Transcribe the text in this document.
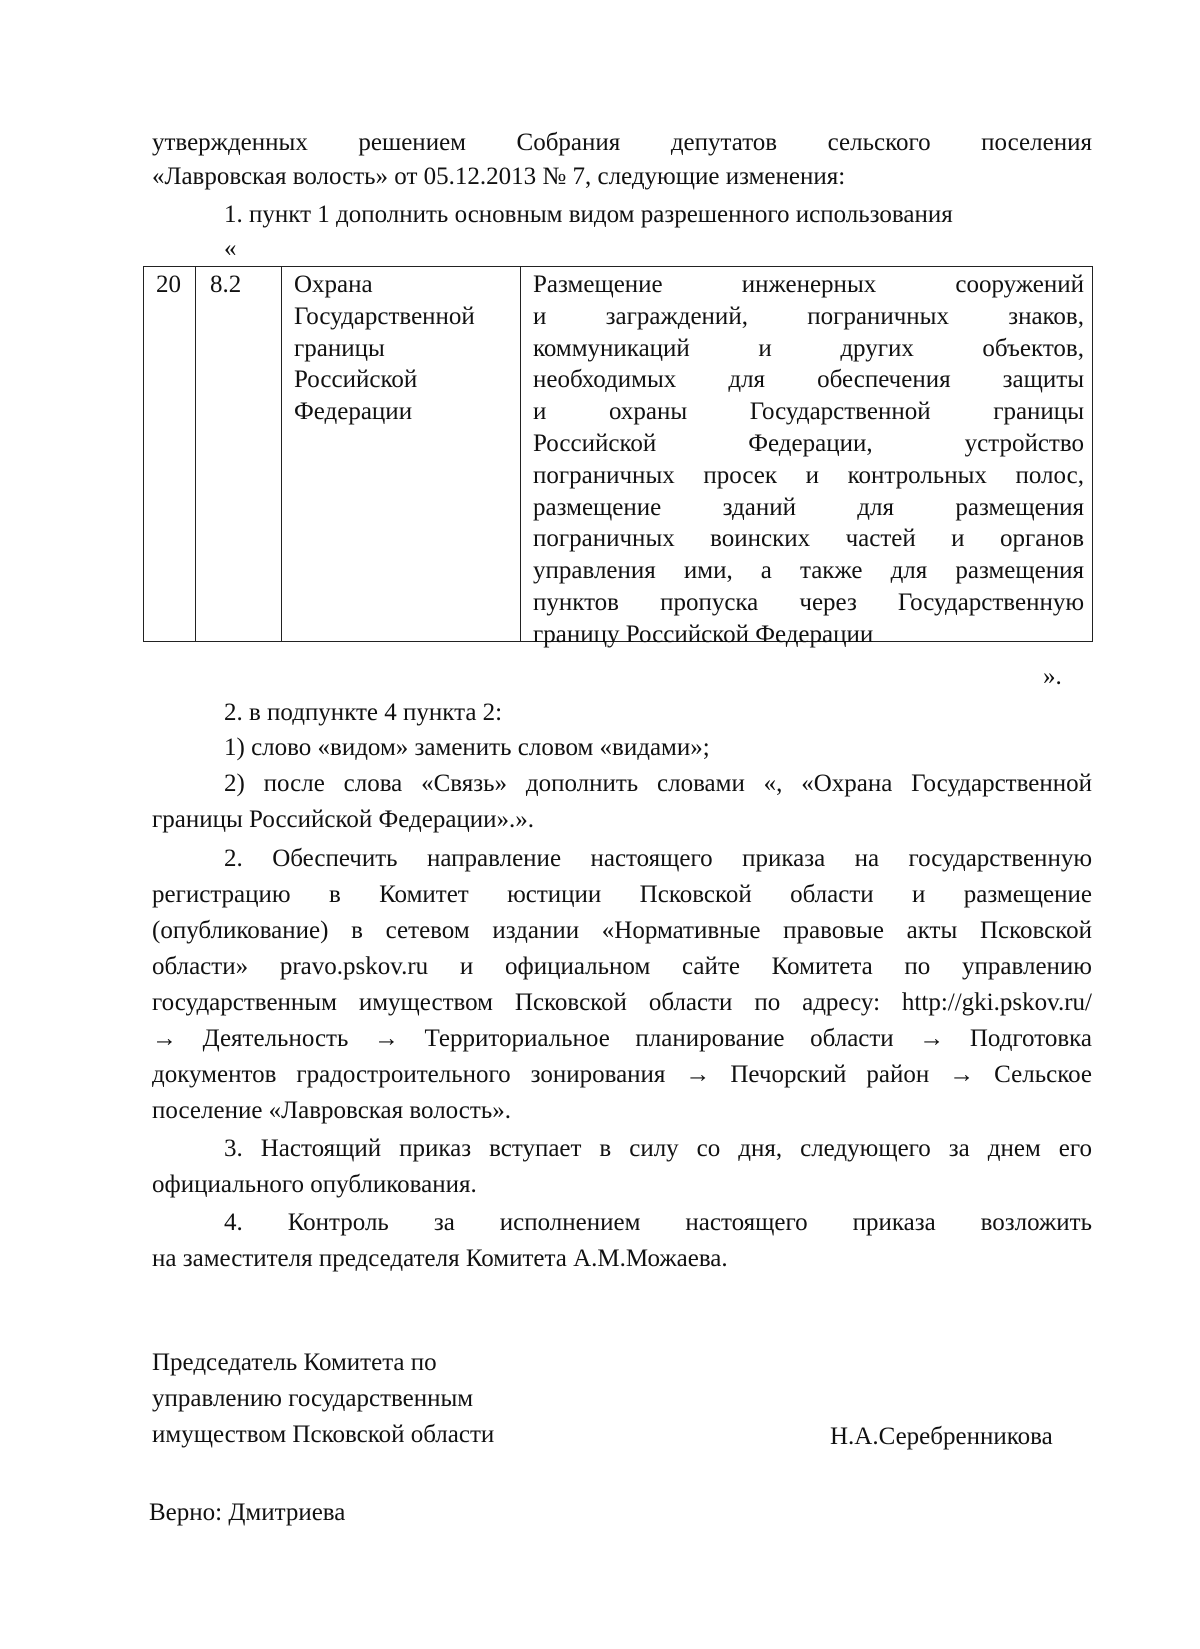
утвержденных решением Собрания депутатов сельского поселения
«Лавровская волость» от 05.12.2013 № 7, следующие изменения:
1. пункт 1 дополнить основным видом разрешенного использования
«
20 8.2 Охрана
Государственной
границы
Российской
Федерации
Размещение инженерных сооружений
и заграждений, пограничных знаков,
коммуникаций и других объектов,
необходимых для обеспечения защиты
и охраны Государственной границы
Российской Федерации, устройство
пограничных просек и контрольных полос,
размещение зданий для размещения
пограничных воинских частей и органов
управления ими, а также для размещения
пунктов пропуска через Государственную
границу Российской Федерации
».
2. в подпункте 4 пункта 2:
1) слово «видом» заменить словом «видами»;
2) после слова «Связь» дополнить словами «, «Охрана Государственной
границы Российской Федерации».».
2. Обеспечить направление настоящего приказа на государственную
регистрацию в Комитет юстиции Псковской области и размещение
(опубликование) в сетевом издании «Нормативные правовые акты Псковской
области» pravo.pskov.ru и официальном сайте Комитета по управлению
государственным имуществом Псковской области по адресу: http://gki.pskov.ru/
→ Деятельность → Территориальное планирование области → Подготовка
документов градостроительного зонирования → Печорский район → Сельское
поселение «Лавровская волость».
3. Настоящий приказ вступает в силу со дня, следующего за днем его
официального опубликования.
4. Контроль за исполнением настоящего приказа возложить
на заместителя председателя Комитета А.М.Можаева.
Председатель Комитета по
управлению государственным
имуществом Псковской области	Н.А.Серебренникова
Верно: Дмитриева
